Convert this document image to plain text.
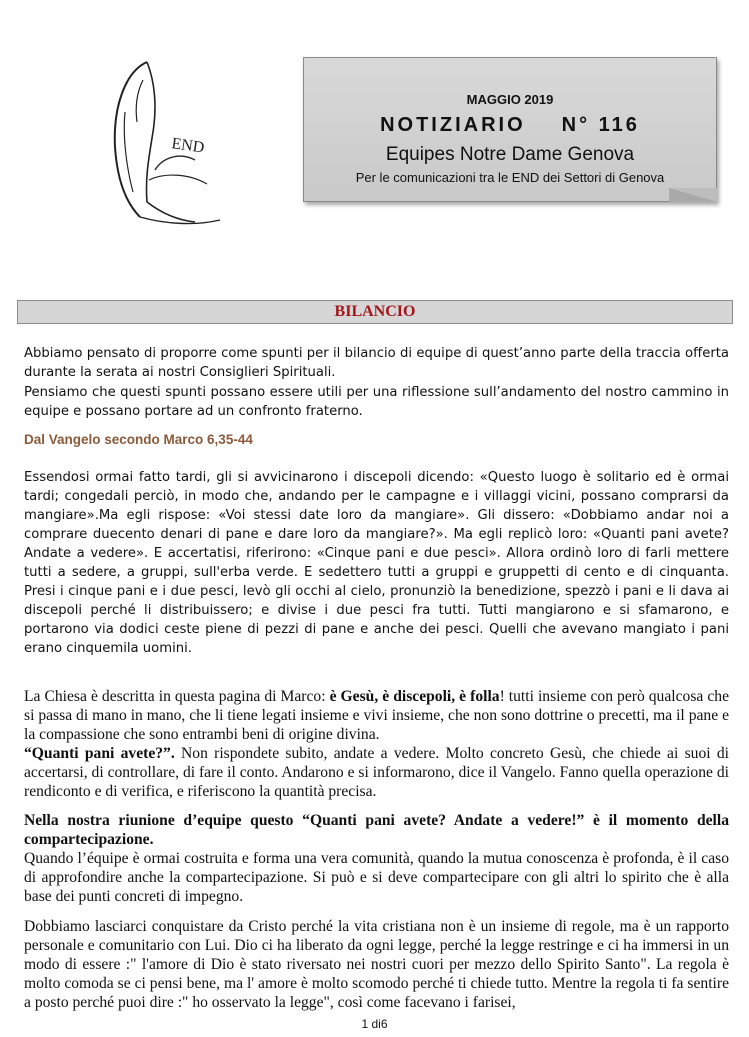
END
MAGGIO 2019
NOTIZIARIO N° 116
Equipes Notre Dame Genova
Per le comunicazioni tra le END dei Settori di Genova
BILANCIO

Abbiamo pensato di proporre come spunti per il bilancio di equipe di quest’anno parte della traccia offerta durante la serata ai nostri Consiglieri Spirituali.

Pensiamo che questi spunti possano essere utili per una riflessione sull’andamento del nostro cammino in equipe e possano portare ad un confronto fraterno.

Dal Vangelo secondo Marco 6,35-44

Essendosi ormai fatto tardi, gli si avvicinarono i discepoli dicendo: «Questo luogo è solitario ed è ormai tardi; congedali perciò, in modo che, andando per le campagne e i villaggi vicini, possano comprarsi da mangiare».Ma egli rispose: «Voi stessi date loro da mangiare». Gli dissero: «Dobbiamo andar noi a comprare duecento denari di pane e dare loro da mangiare?». Ma egli replicò loro: «Quanti pani avete? Andate a vedere». E accertatisi, riferirono: «Cinque pani e due pesci». Allora ordinò loro di farli mettere tutti a sedere, a gruppi, sull'erba verde. E sedettero tutti a gruppi e gruppetti di cento e di cinquanta. Presi i cinque pani e i due pesci, levò gli occhi al cielo, pronunziò la benedizione, spezzò i pani e li dava ai discepoli perché li distribuissero; e divise i due pesci fra tutti. Tutti mangiarono e si sfamarono, e portarono via dodici ceste piene di pezzi di pane e anche dei pesci. Quelli che avevano mangiato i pani erano cinquemila uomini.

La Chiesa è descritta in questa pagina di Marco: è Gesù, è discepoli, è folla! tutti insieme con però qualcosa che si passa di mano in mano, che li tiene legati insieme e vivi insieme, che non sono dottrine o precetti, ma il pane e la compassione che sono entrambi beni di origine divina.

“Quanti pani avete?”. Non rispondete subito, andate a vedere. Molto concreto Gesù, che chiede ai suoi di accertarsi, di controllare, di fare il conto. Andarono e si informarono, dice il Vangelo. Fanno quella operazione di rendiconto e di verifica, e riferiscono la quantità precisa.

Nella nostra riunione d’equipe questo “Quanti pani avete? Andate a vedere!” è il momento della compartecipazione.

Quando l’équipe è ormai costruita e forma una vera comunità, quando la mutua conoscenza è profonda, è il caso di approfondire anche la compartecipazione. Si può e si deve compartecipare con gli altri lo spirito che è alla base dei punti concreti di impegno.

Dobbiamo lasciarci conquistare da Cristo perché la vita cristiana non è un insieme di regole, ma è un rapporto personale e comunitario con Lui. Dio ci ha liberato da ogni legge, perché la legge restringe e ci ha immersi in un modo di essere :" l'amore di Dio è stato riversato nei nostri cuori per mezzo dello Spirito Santo". La regola è molto comoda se ci pensi bene, ma l' amore è molto scomodo perché ti chiede tutto. Mentre la regola ti fa sentire a posto perché puoi dire :" ho osservato la legge", così come facevano i farisei,

1 di6
